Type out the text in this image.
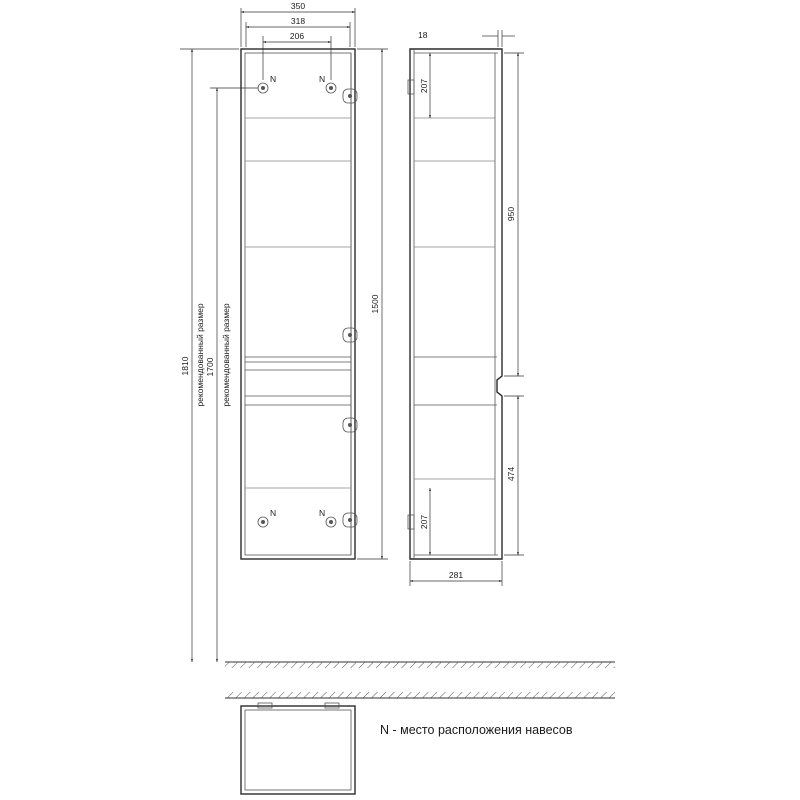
N	N
N	N
350
318
206
1810 рекомендованный размер 1700 рекомендованный размер	1500
18
207
950
474
207
281
N - место расположения навесов
